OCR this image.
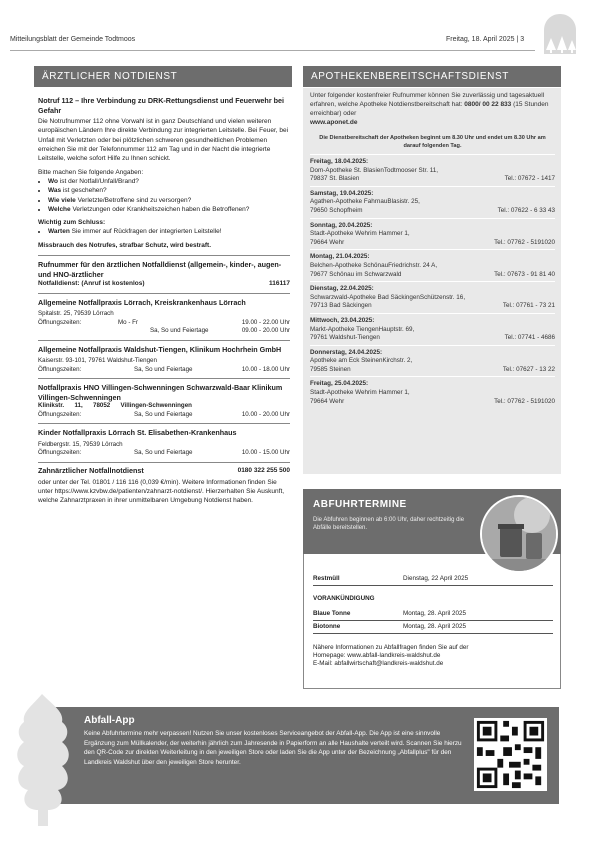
Mitteilungsblatt der Gemeinde Todtmoos	Freitag, 18. April 2025 | 3
ÄRZTLICHER NOTDIENST

Notruf 112 – Ihre Verbindung zu DRK-Rettungsdienst und Feuerwehr bei Gefahr

Die Notrufnummer 112 ohne Vorwahl ist in ganz Deutschland und vielen weiteren europäischen Ländern Ihre direkte Verbindung zur integrierten Leitstelle. Bei Feuer, bei Unfall mit Verletzten oder bei plötzlichen schweren gesundheitlichen Problemen erreichen Sie mit der Telefonnummer 112 am Tag und in der Nacht die integrierte Leitstelle, welche sofort Hilfe zu Ihnen schickt.

Bitte machen Sie folgende Angaben:

• Wo ist der Notfall/Unfall/Brand?
• Was ist geschehen?
• Wie viele Verletzte/Betroffene sind zu versorgen?
• Welche Verletzungen oder Krankheitszeichen haben die Betroffenen?

Wichtig zum Schluss:

• Warten Sie immer auf Rückfragen der integrierten Leitstelle!

Missbrauch des Notrufes, strafbar Schutz, wird bestraft.

Rufnummer für den ärztlichen Notfalldienst (allgemein-, kinder-, augen- und HNO-ärztlicher

Notfalldienst: (Anruf ist kostenlos)	116117
Allgemeine Notfallpraxis Lörrach, Kreiskrankenhaus Lörrach
Spitalstr. 25, 79539 Lörrach
Öffnungszeiten:	Mo - Fr	19.00 - 22.00 Uhr
Sa, So und Feiertage	09.00 - 20.00 Uhr
Allgemeine Notfallpraxis Waldshut-Tiengen, Klinikum Hochrhein GmbH
Kaiserstr. 93-101, 79761 Waldshut-Tiengen
Öffnungszeiten:	Sa, So und Feiertage	10.00 - 18.00 Uhr
Notfallpraxis HNO Villingen-Schwenningen Schwarzwald-Baar Klinikum Villingen-Schwenningen
Klinikstr.      11,      78052      Villingen-Schwenningen
Öffnungszeiten:	Sa, So und Feiertage	10.00 - 20.00 Uhr
Kinder Notfallpraxis Lörrach St. Elisabethen-Krankenhaus
Feldbergstr. 15, 79539 Lörrach
Öffnungszeiten:	Sa, So und Feiertage	10.00 - 15.00 Uhr
Zahnärztlicher Notfallnotdienst	0180 322 255 500

oder unter der Tel. 01801 / 116 116 (0,039 €/min). Weitere Informationen finden Sie unter https://www.kzvbw.de/patienten/zahnarzt-notdienst/. Hierzerhalten Sie Auskunft, welche Zahnarztpraxen in ihrer unmittelbaren Umgebung Notdienst haben.

APOTHEKENBEREITSCHAFTSDIENST
Unter folgender kostenfreier Rufnummer können Sie zuverlässig und tagesaktuell erfahren, welche Apotheke Notdienstbereitschaft hat: 0800/ 00 22 833 (15 Stunden erreichbar) oder
www.aponet.de
Die Dienstbereitschaft der Apotheken beginnt um 8.30 Uhr und endet um 8.30 Uhr am darauf folgenden Tag.
Freitag, 18.04.2025:
Dom-Apotheke St. BlasienTodtmooser Str. 11,
79837 St. Blasien	Tel.: 07672 - 1417
Samstag, 19.04.2025:
Agathen-Apotheke FahrnauBlasistr. 25,
79650 Schopfheim	Tel.: 07622 - 6 33 43
Sonntag, 20.04.2025:
Stadt-Apotheke Wehrim Hammer 1,
79664 Wehr	Tel.: 07762 - 5191020
Montag, 21.04.2025:
Belchen-Apotheke SchönauFriedrichstr. 24 A,
79677 Schönau im Schwarzwald	Tel.: 07673 - 91 81 40
Dienstag, 22.04.2025:
Schwarzwald-Apotheke Bad SäckingenSchützenstr. 16,
79713 Bad Säckingen	Tel.: 07761 - 73 21
Mittwoch, 23.04.2025:
Markt-Apotheke TiengenHauptstr. 69,
79761 Waldshut-Tiengen	Tel.: 07741 - 4686
Donnerstag, 24.04.2025:
Apotheke am Eck SteinenKirchstr. 2,
79585 Steinen	Tel.: 07627 - 13 22
Freitag, 25.04.2025:
Stadt-Apotheke Wehrim Hammer 1,
79664 Wehr	Tel.: 07762 - 5191020
ABFUHRTERMINE
Die Abfuhren beginnen ab 6:00 Uhr, daher rechtzeitig die Abfälle bereitstellen.
Restmüll	Dienstag, 22 April 2025
VORANKÜNDIGUNG
Blaue Tonne	Montag, 28. April 2025
Biotonne	Montag, 28. April 2025
Nähere Informationen zu Abfallfragen finden Sie auf der
Homepage: www.abfall-landkreis-waldshut.de
E-Mail: abfallwirtschaft@landkreis-waldshut.de
Abfall-App
Keine Abfuhrtermine mehr verpassen! Nutzen Sie unser kostenloses Serviceangebot der Abfall-App. Die App ist eine sinnvolle Ergänzung zum Müllkalender, der weiterhin jährlich zum Jahresende in Papierform an alle Haushalte verteilt wird. Scannen Sie hierzu den QR-Code zur direkten Weiterleitung in den jeweiligen Store oder laden Sie die App unter der Bezeichnung „Abfallplus" für den Landkreis Waldshut über den jeweiligen Store herunter.
